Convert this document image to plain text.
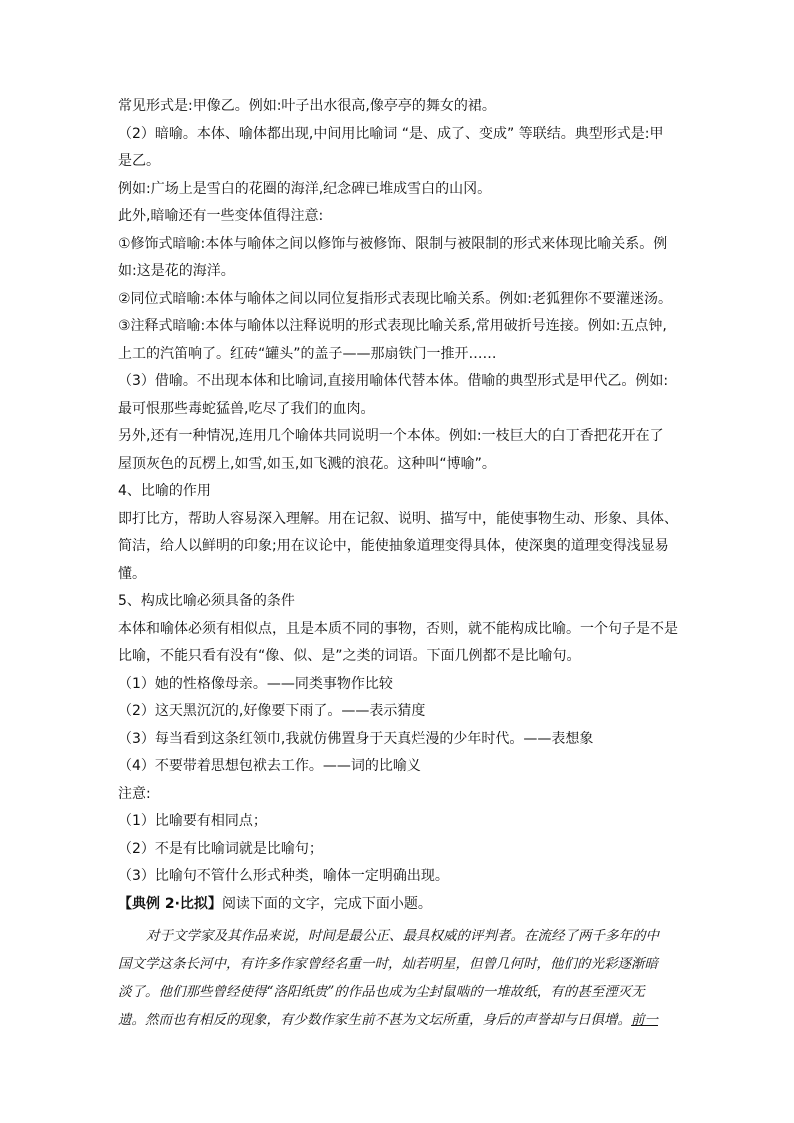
常见形式是:甲像乙。例如:叶子出水很高,像亭亭的舞女的裙。

（2）暗喻。本体、喻体都出现,中间用比喻词 “是、成了、变成” 等联结。典型形式是:甲

是乙。

例如:广场上是雪白的花圈的海洋,纪念碑已堆成雪白的山冈。

此外,暗喻还有一些变体值得注意:

①修饰式暗喻:本体与喻体之间以修饰与被修饰、限制与被限制的形式来体现比喻关系。例

如:这是花的海洋。

②同位式暗喻:本体与喻体之间以同位复指形式表现比喻关系。例如:老狐狸你不要灌迷汤。

③注释式暗喻:本体与喻体以注释说明的形式表现比喻关系,常用破折号连接。例如:五点钟,

上工的汽笛响了。红砖“罐头”的盖子——那扇铁门一推开……

（3）借喻。不出现本体和比喻词,直接用喻体代替本体。借喻的典型形式是甲代乙。例如:

最可恨那些毒蛇猛兽,吃尽了我们的血肉。

另外,还有一种情况,连用几个喻体共同说明一个本体。例如:一枝巨大的白丁香把花开在了

屋顶灰色的瓦楞上,如雪,如玉,如飞溅的浪花。这种叫“博喻”。

4、比喻的作用

即打比方，帮助人容易深入理解。用在记叙、说明、描写中，能使事物生动、形象、具体、

简洁，给人以鲜明的印象;用在议论中，能使抽象道理变得具体，使深奥的道理变得浅显易

懂。

5、构成比喻必须具备的条件

本体和喻体必须有相似点，且是本质不同的事物，否则，就不能构成比喻。一个句子是不是

比喻，不能只看有没有“像、似、是”之类的词语。下面几例都不是比喻句。

（1）她的性格像母亲。——同类事物作比较

（2）这天黑沉沉的,好像要下雨了。——表示猜度

（3）每当看到这条红领巾,我就仿佛置身于天真烂漫的少年时代。——表想象

（4）不要带着思想包袱去工作。——词的比喻义

注意:

（1）比喻要有相同点；

（2）不是有比喻词就是比喻句；

（3）比喻句不管什么形式种类，喻体一定明确出现。

【典例 2·比拟】阅读下面的文字，完成下面小题。

对于文学家及其作品来说，时间是最公正、最具权威的评判者。在流经了两千多年的中
国文学这条长河中，有许多作家曾经名重一时，灿若明星，但曾几何时，他们的光彩逐渐暗
淡了。他们那些曾经使得“洛阳纸贵”的作品也成为尘封鼠啮的一堆故纸，有的甚至湮灭无
遗。然而也有相反的现象，有少数作家生前不甚为文坛所重，身后的声誉却与日俱增。前一
